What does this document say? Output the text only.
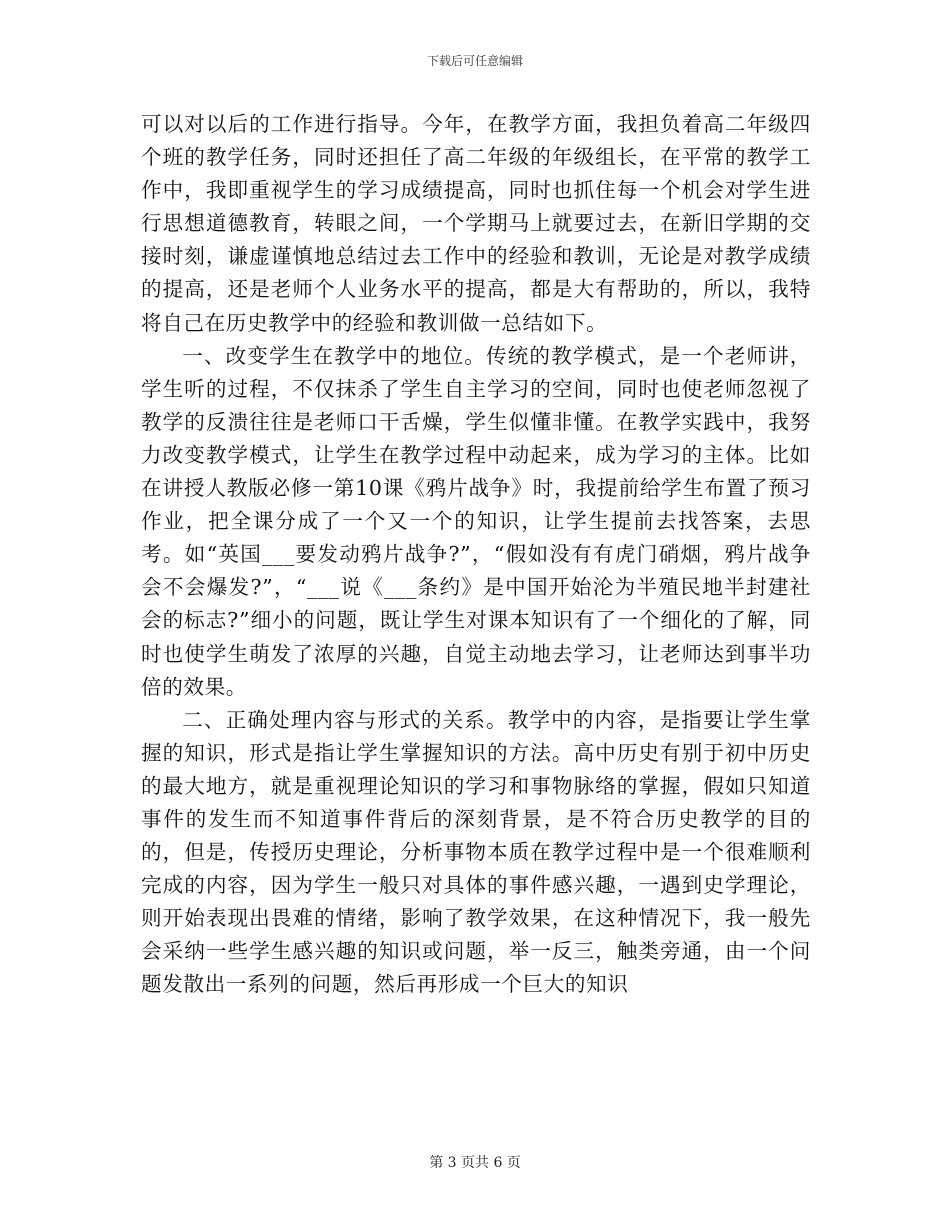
下载后可任意编辑

可以对以后的工作进行指导。今年，在教学方面，我担负着高二年级四个班的教学任务，同时还担任了高二年级的年级组长，在平常的教学工作中，我即重视学生的学习成绩提高，同时也抓住每一个机会对学生进行思想道德教育，转眼之间，一个学期马上就要过去，在新旧学期的交接时刻，谦虚谨慎地总结过去工作中的经验和教训，无论是对教学成绩的提高，还是老师个人业务水平的提高，都是大有帮助的，所以，我特将自己在历史教学中的经验和教训做一总结如下。

一、改变学生在教学中的地位。传统的教学模式，是一个老师讲，学生听的过程，不仅抹杀了学生自主学习的空间，同时也使老师忽视了教学的反溃往往是老师口干舌燥，学生似懂非懂。在教学实践中，我努力改变教学模式，让学生在教学过程中动起来，成为学习的主体。比如在讲授人教版必修一第10课《鸦片战争》时，我提前给学生布置了预习作业，把全课分成了一个又一个的知识，让学生提前去找答案，去思考。如“英国___要发动鸦片战争?”，“假如没有有虎门硝烟，鸦片战争会不会爆发?”，“___说《___条约》是中国开始沦为半殖民地半封建社会的标志?”细小的问题，既让学生对课本知识有了一个细化的了解，同时也使学生萌发了浓厚的兴趣，自觉主动地去学习，让老师达到事半功倍的效果。

二、正确处理内容与形式的关系。教学中的内容，是指要让学生掌握的知识，形式是指让学生掌握知识的方法。高中历史有别于初中历史的最大地方，就是重视理论知识的学习和事物脉络的掌握，假如只知道事件的发生而不知道事件背后的深刻背景，是不符合历史教学的目的的，但是，传授历史理论，分析事物本质在教学过程中是一个很难顺利完成的内容，因为学生一般只对具体的事件感兴趣，一遇到史学理论，则开始表现出畏难的情绪，影响了教学效果，在这种情况下，我一般先会采纳一些学生感兴趣的知识或问题，举一反三，触类旁通，由一个问题发散出一系列的问题，然后再形成一个巨大的知识

第 3 页共 6 页
